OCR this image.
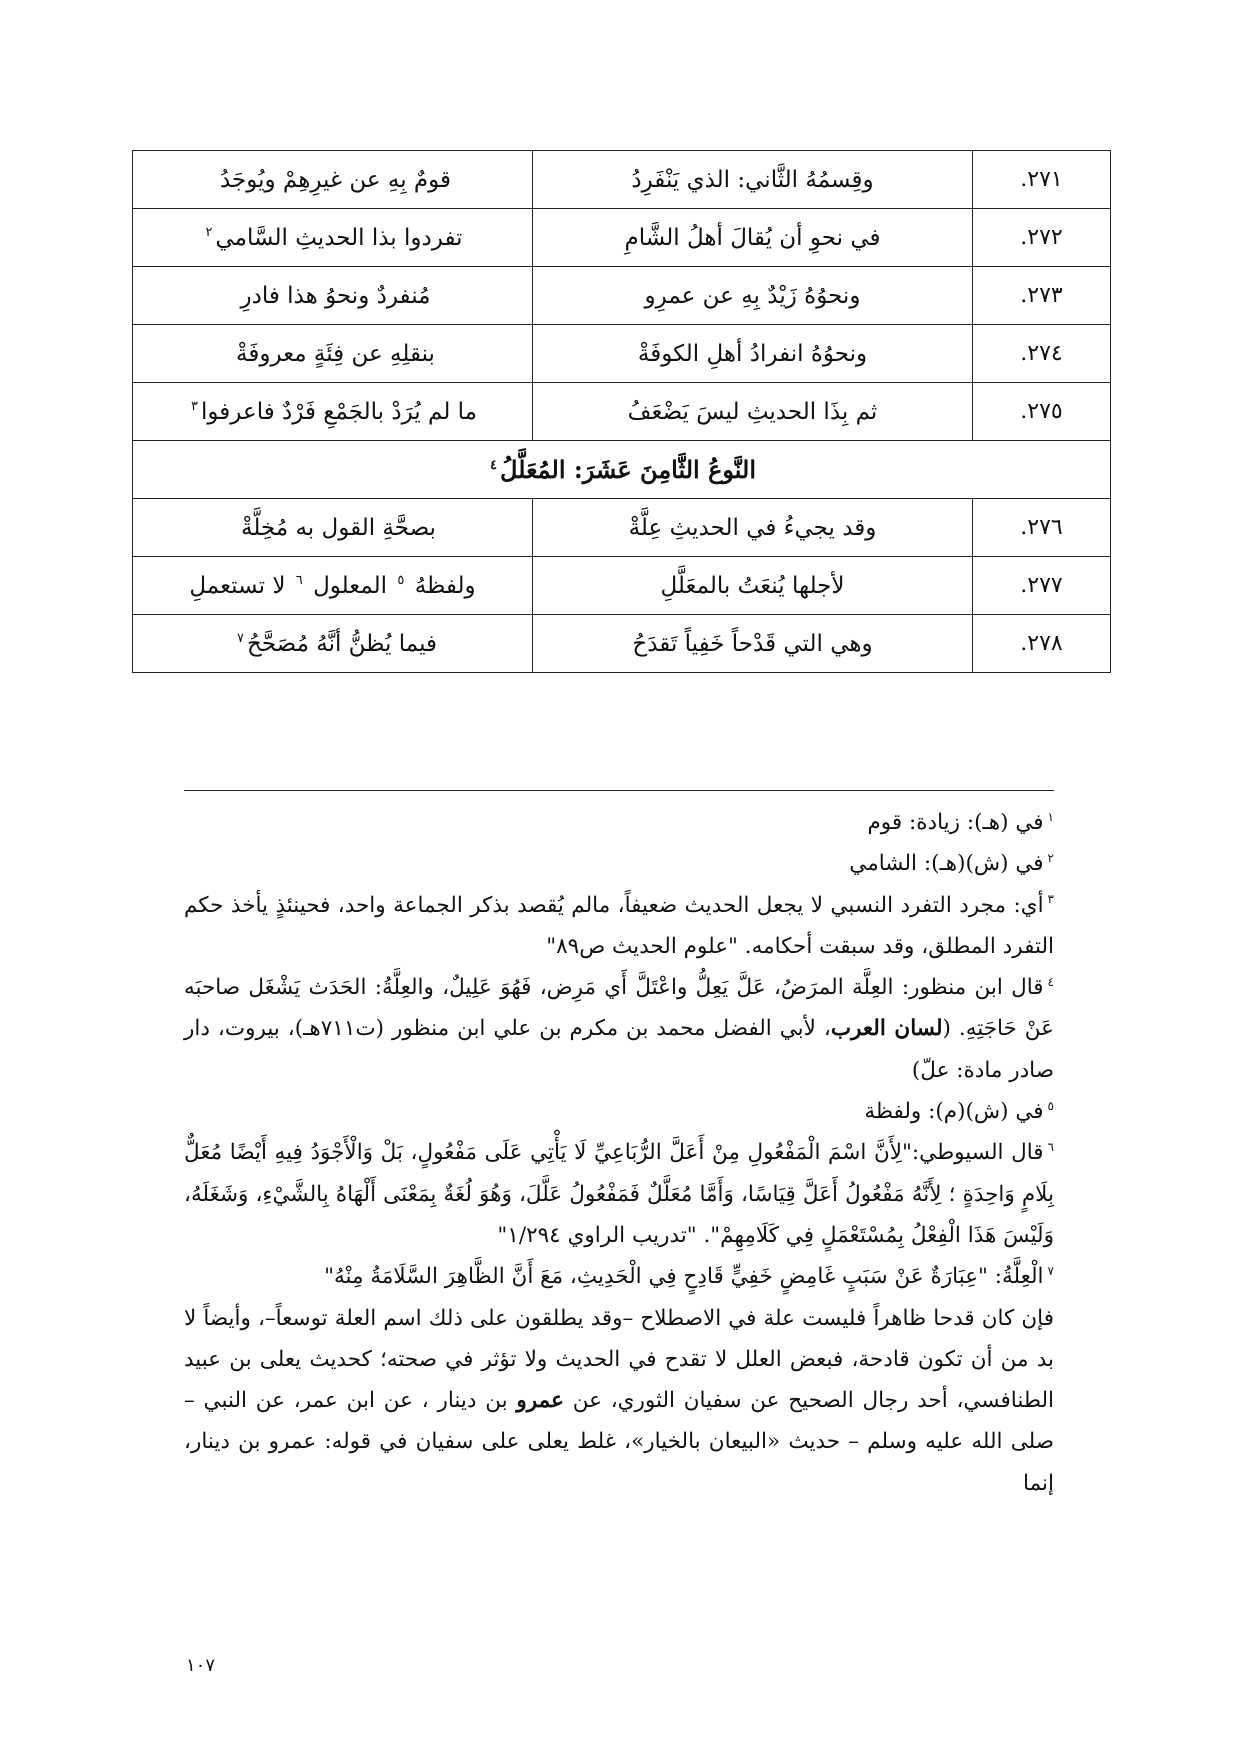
٢٧١.	وقِسمُهُ الثَّاني: الذي يَنْفَرِدُ	قومٌ بِهِ عن غيرِهِمْ ويُوجَدُ
٢٧٢.	في نحوِ أن يُقالَ أهلُ الشَّامِ	تفردوا بذا الحديثِ السَّامي$^٢$
٢٧٣.	ونحوُهُ زَيْدٌ بِهِ عن عمرِو	مُنفردٌ ونحوُ هذا فادرِ
٢٧٤.	ونحوُهُ انفرادُ أهلِ الكوفَةْ	بنقلِهِ عن فِئَةٍ معروفَةْ
٢٧٥.	ثم بِذَا الحديثِ ليسَ يَضْعَفُ	ما لم يُرَدْ بالجَمْعِ فَرْدٌ فاعرفوا$^٣$
النَّوعُ الثَّامِنَ عَشَرَ: المُعَلَّلُ$^٤$
٢٧٦.	وقد يجيءُ في الحديثِ عِلَّةْ	بصحَّةِ القول به مُخِلَّةْ
٢٧٧.	لأجلها يُنعَتُ بالمعَلَّلِ	ولفظهُ $^٥$ المعلول $^٦$ لا تستعملِ
٢٧٨.	وهي التي قَدْحاً خَفِياً تَقدَحُ	فيما يُظنُّ أنَّهُ مُصَحَّحُ$^٧$

$^١$في (هـ): زيادة: قوم

$^٢$في (ش)(هـ): الشامي

$^٣$أي: مجرد التفرد النسبي لا يجعل الحديث ضعيفاً، مالم يُقصد بذكر الجماعة واحد، فحينئذٍ يأخذ حكم التفرد المطلق، وقد سبقت أحكامه. "علوم الحديث ص٨٩"

$^٤$قال ابن منظور: العِلَّة المرَضُ، عَلَّ يَعِلُّ واعْتَلَّ أَي مَرِض، فَهُوَ عَلِيلٌ، والعِلَّةُ: الحَدَث يَشْغَل صاحبَه عَنْ حَاجَتِهِ. (لسان العرب، لأبي الفضل محمد بن مكرم بن علي ابن منظور (ت٧١١هـ)، بيروت، دار صادر مادة: علّ)

$^٥$في (ش)(م): ولفظة

$^٦$قال السيوطي:"لِأَنَّ اسْمَ الْمَفْعُولِ مِنْ أَعَلَّ الرُّبَاعِيِّ لَا يَأْتِي عَلَى مَفْعُولٍ، بَلْ وَالْأَجْوَدُ فِيهِ أَيْضًا مُعَلٌّ بِلَامٍ وَاحِدَةٍ ؛ لِأَنَّهُ مَفْعُولُ أَعَلَّ قِيَاسًا، وَأَمَّا مُعَلَّلٌ فَمَفْعُولُ عَلَّلَ، وَهُوَ لُغَةٌ بِمَعْنَى أَلْهَاهُ بِالشَّيْءِ، وَشَغَلَهُ، وَلَيْسَ هَذَا الْفِعْلُ بِمُسْتَعْمَلٍ فِي كَلَامِهِمْ". "تدريب الراوي ١/٢٩٤"

$^٧$الْعِلَّةُ: "عِبَارَةٌ عَنْ سَبَبٍ غَامِضٍ خَفِيٍّ قَادِحٍ فِي الْحَدِيثِ، مَعَ أَنَّ الظَّاهِرَ السَّلَامَةُ مِنْهُ"

فإن كان قدحا ظاهراً فليست علة في الاصطلاح –وقد يطلقون على ذلك اسم العلة توسعاً–، وأيضاً لا بد من أن تكون قادحة، فبعض العلل لا تقدح في الحديث ولا تؤثر في صحته؛ كحديث يعلى بن عبيد الطنافسي، أحد رجال الصحيح عن سفيان الثوري، عن عمرو بن دينار ، عن ابن عمر، عن النبي – صلى الله عليه وسلم – حديث «البيعان بالخيار»، غلط يعلى على سفيان في قوله: عمرو بن دينار، إنما

١٠٧
